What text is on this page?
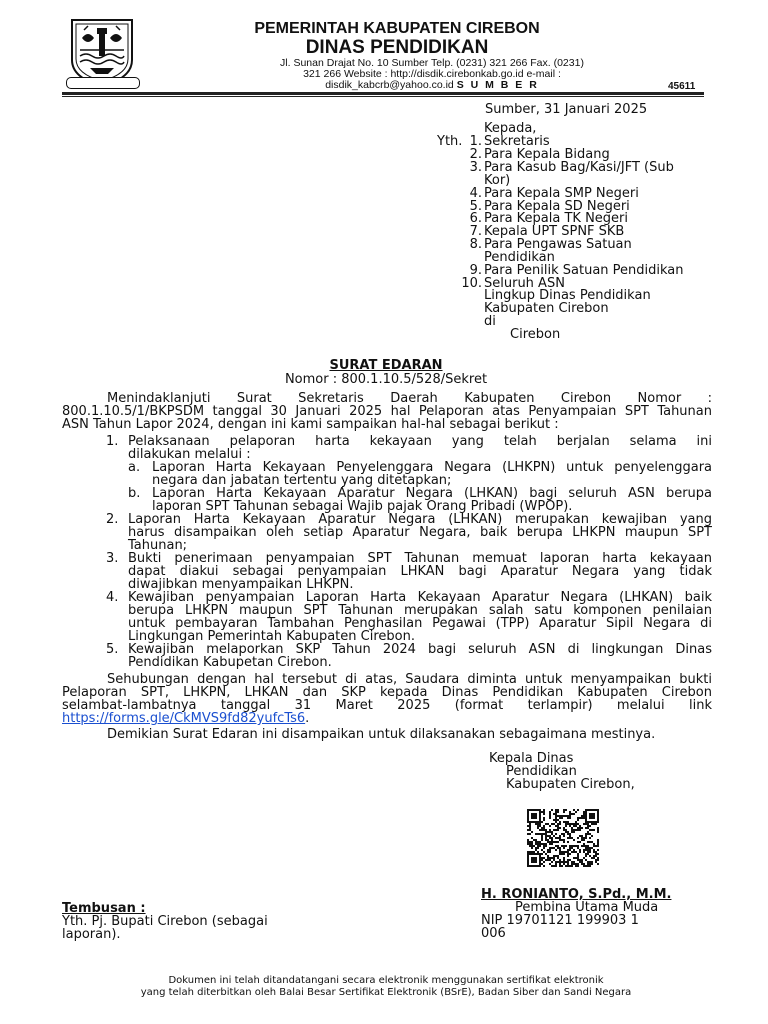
PEMERINTAH KABUPATEN CIREBON
DINAS PENDIDIKAN
Jl. Sunan Drajat No. 10 Sumber Telp. (0231) 321 266 Fax. (0231)
321 266 Website : http://disdik.cirebonkab.go.id e-mail :
disdik_kabcrb@yahoo.co.id S U M B E R	45611
Sumber, 31 Januari 2025
Kepada,
Yth. 1. Sekretaris
2. Para Kepala Bidang
3. Para Kasub Bag/Kasi/JFT (Sub
Kor)
4. Para Kepala SMP Negeri
5. Para Kepala SD Negeri
6. Para Kepala TK Negeri
7. Kepala UPT SPNF SKB
8. Para Pengawas Satuan
Pendidikan
9. Para Penilik Satuan Pendidikan
10. Seluruh ASN
Lingkup Dinas Pendidikan
Kabupaten Cirebon
di
Cirebon
SURAT EDARAN
Nomor : 800.1.10.5/528/Sekret
Menindaklanjuti Surat Sekretaris Daerah Kabupaten Cirebon Nomor :
800.1.10.5/1/BKPSDM tanggal 30 Januari 2025 hal Pelaporan atas Penyampaian SPT Tahunan
ASN Tahun Lapor 2024, dengan ini kami sampaikan hal-hal sebagai berikut :
1. Pelaksanaan pelaporan harta kekayaan yang telah berjalan selama ini
dilakukan melalui :
a. Laporan Harta Kekayaan Penyelenggara Negara (LHKPN) untuk penyelenggara
negara dan jabatan tertentu yang ditetapkan;
b. Laporan Harta Kekayaan Aparatur Negara (LHKAN) bagi seluruh ASN berupa
laporan SPT Tahunan sebagai Wajib pajak Orang Pribadi (WPOP).
2. Laporan Harta Kekayaan Aparatur Negara (LHKAN) merupakan kewajiban yang
harus disampaikan oleh setiap Aparatur Negara, baik berupa LHKPN maupun SPT
Tahunan;
3. Bukti penerimaan penyampaian SPT Tahunan memuat laporan harta kekayaan
dapat diakui sebagai penyampaian LHKAN bagi Aparatur Negara yang tidak
diwajibkan menyampaikan LHKPN.
4. Kewajiban penyampaian Laporan Harta Kekayaan Aparatur Negara (LHKAN) baik
berupa LHKPN maupun SPT Tahunan merupakan salah satu komponen penilaian
untuk pembayaran Tambahan Penghasilan Pegawai (TPP) Aparatur Sipil Negara di
Lingkungan Pemerintah Kabupaten Cirebon.
5. Kewajiban melaporkan SKP Tahun 2024 bagi seluruh ASN di lingkungan Dinas
Pendidikan Kabupetan Cirebon.
Sehubungan dengan hal tersebut di atas, Saudara diminta untuk menyampaikan bukti
Pelaporan SPT, LHKPN, LHKAN dan SKP kepada Dinas Pendidikan Kabupaten Cirebon
selambat-lambatnya tanggal 31 Maret 2025 (format terlampir) melalui link
https://forms.gle/CkMVS9fd82yufcTs6.
Demikian Surat Edaran ini disampaikan untuk dilaksanakan sebagaimana mestinya.
Kepala Dinas
Pendidikan
Kabupaten Cirebon,
H. RONIANTO, S.Pd., M.M.
Pembina Utama Muda
NIP 19701121 199903 1
006
Tembusan :
Yth. Pj. Bupati Cirebon (sebagai
laporan).
Dokumen ini telah ditandatangani secara elektronik menggunakan sertifikat elektronik
yang telah diterbitkan oleh Balai Besar Sertifikat Elektronik (BSrE), Badan Siber dan Sandi Negara
